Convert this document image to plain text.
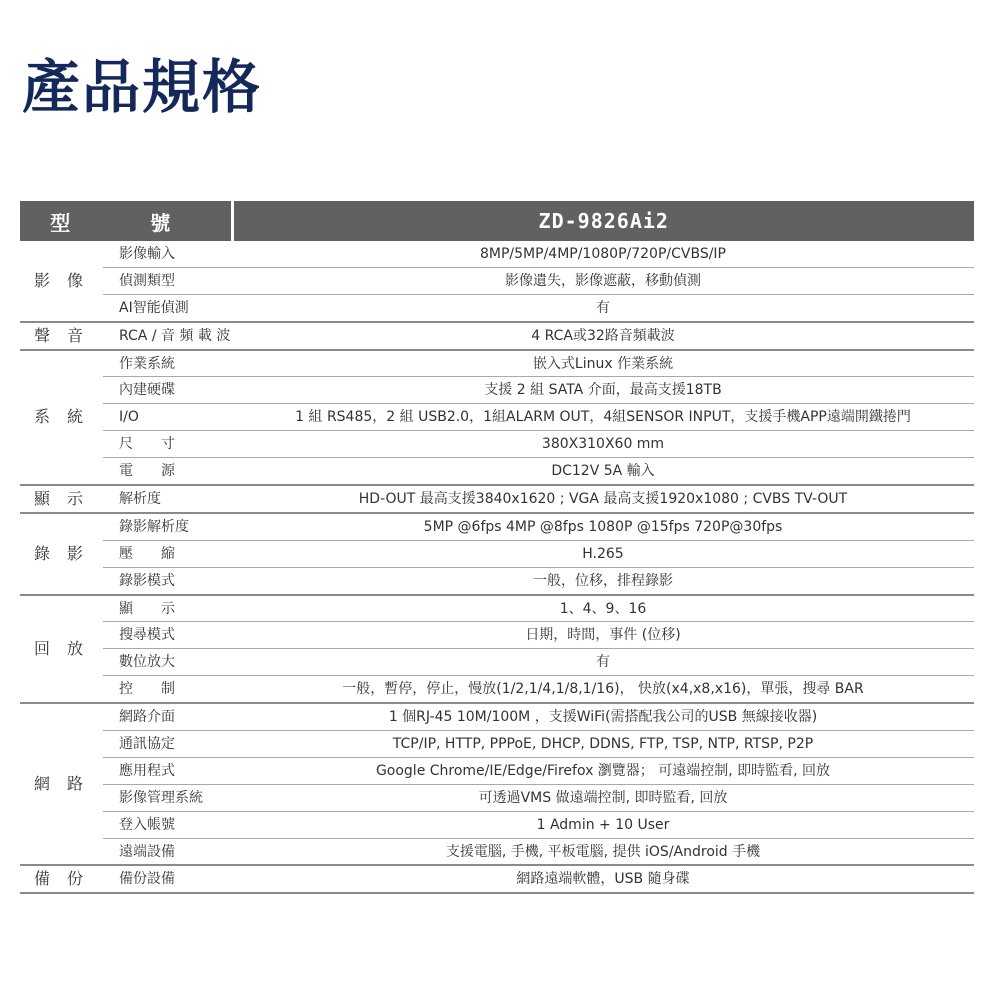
產品規格
型　號		ZD-9826Ai2
影 像	影像輸入	8MP/5MP/4MP/1080P/720P/CVBS/IP
	偵測類型	影像遺失，影像遮蔽，移動偵測
	AI智能偵測	有
聲 音	RCA / 音 頻 載 波	4 RCA或32路音頻載波
系 統	作業系統	嵌入式Linux 作業系統
	內建硬碟	支援 2 組 SATA 介面，最高支援18TB
	I/O	1 組 RS485，2 組 USB2.0，1組ALARM OUT，4組SENSOR INPUT，支援手機APP遠端開鐵捲門
	尺　　寸	380X310X60 mm
	電　　源	DC12V 5A 輸入
顯 示	解析度	HD-OUT 最高支援3840x1620 ; VGA 最高支援1920x1080 ; CVBS TV-OUT
錄 影	錄影解析度	5MP @6fps 4MP @8fps 1080P @15fps 720P@30fps
	壓　　縮	H.265
	錄影模式	一般，位移，排程錄影
回 放	顯　　示	1、4、9、16
	搜尋模式	日期，時間，事件 (位移)
	數位放大	有
	控　　制	一般，暫停，停止，慢放(1/2,1/4,1/8,1/16)， 快放(x4,x8,x16)，單張，搜尋 BAR
網 路	網路介面	1 個RJ-45 10M/100M ，支援WiFi(需搭配我公司的USB 無線接收器)
	通訊協定	TCP/IP, HTTP, PPPoE, DHCP, DDNS, FTP, TSP, NTP, RTSP, P2P
	應用程式	Google Chrome/IE/Edge/Firefox 瀏覽器； 可遠端控制, 即時監看, 回放
	影像管理系統	可透過VMS 做遠端控制, 即時監看, 回放
	登入帳號	1 Admin + 10 User
	遠端設備	支援電腦, 手機, 平板電腦, 提供 iOS/Android 手機
備 份	備份設備	網路遠端軟體，USB 隨身碟
